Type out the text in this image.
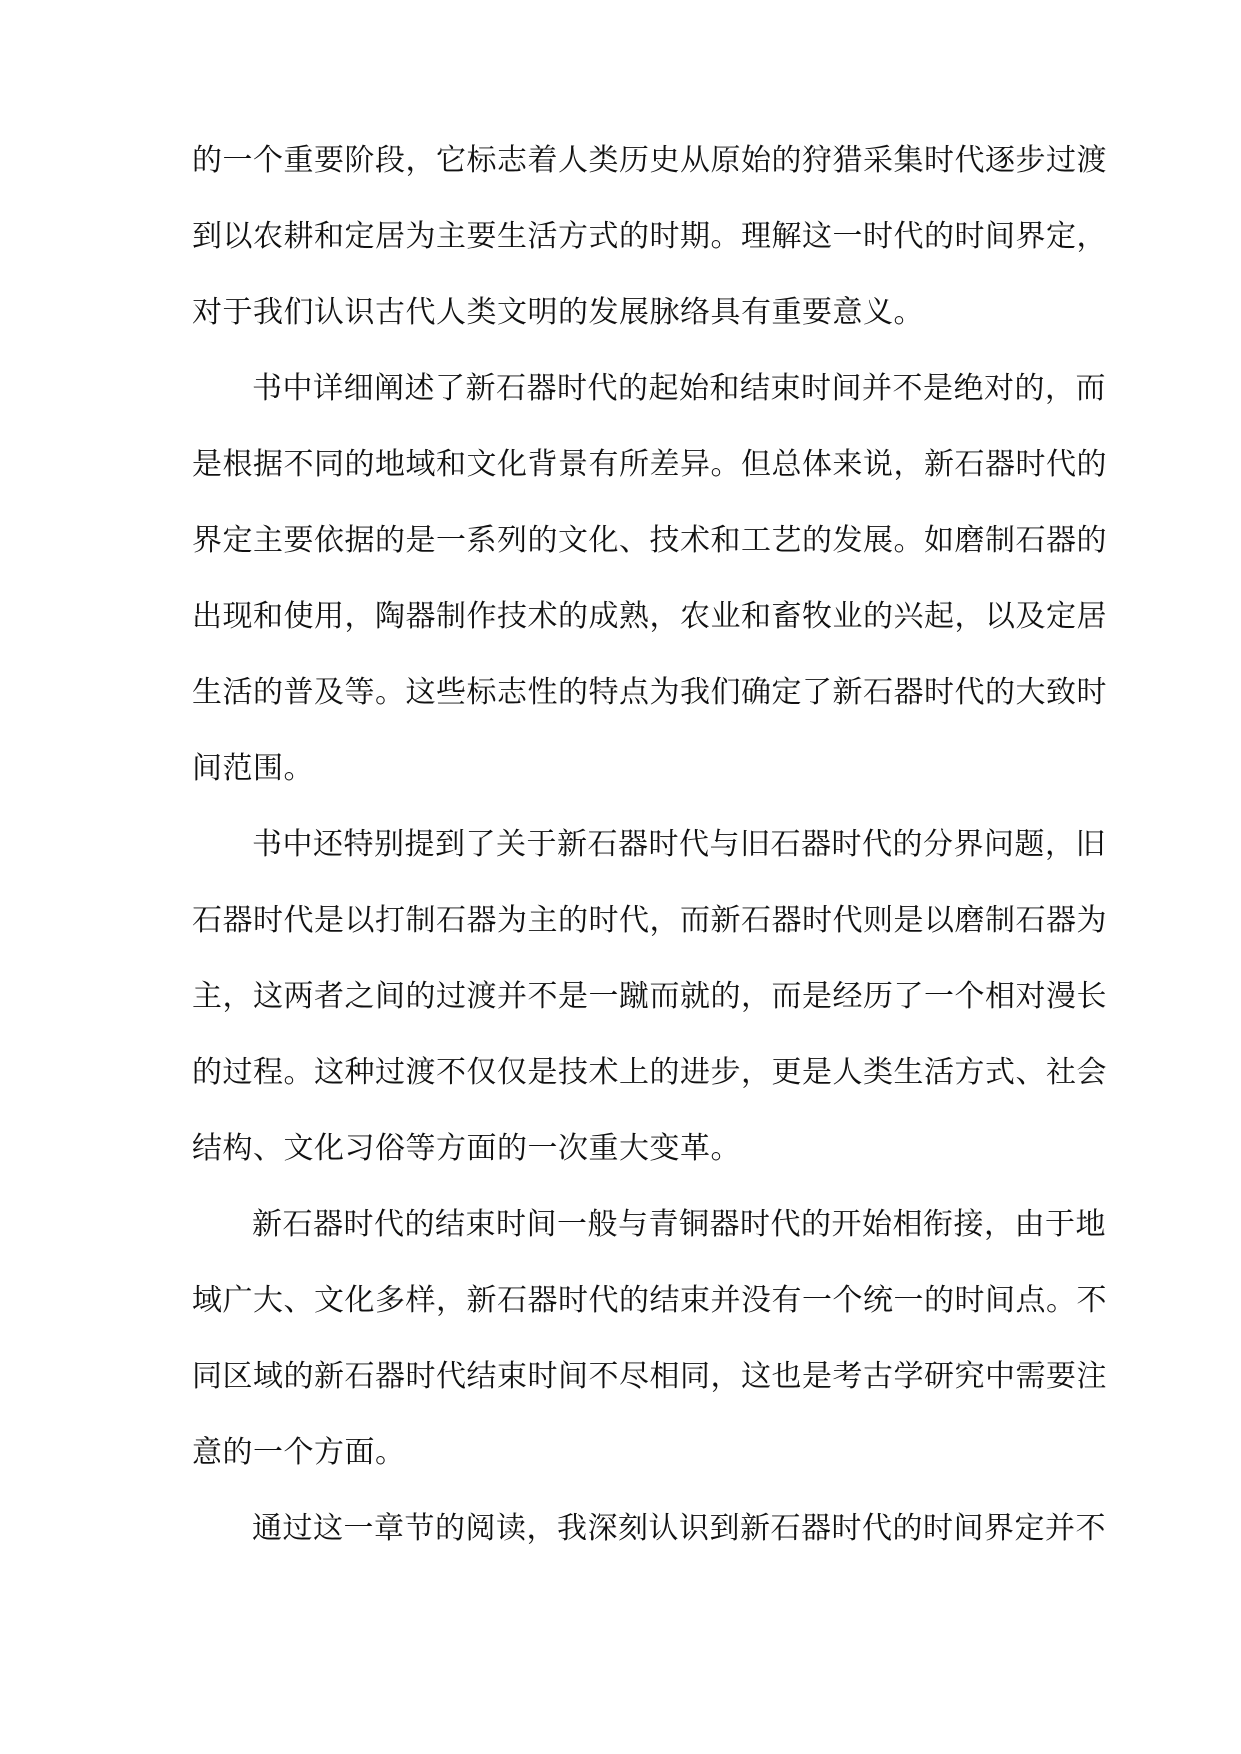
的一个重要阶段，它标志着人类历史从原始的狩猎采集时代逐步过渡
到以农耕和定居为主要生活方式的时期。理解这一时代的时间界定，
对于我们认识古代人类文明的发展脉络具有重要意义。
书中详细阐述了新石器时代的起始和结束时间并不是绝对的，而
是根据不同的地域和文化背景有所差异。但总体来说，新石器时代的
界定主要依据的是一系列的文化、技术和工艺的发展。如磨制石器的
出现和使用，陶器制作技术的成熟，农业和畜牧业的兴起，以及定居
生活的普及等。这些标志性的特点为我们确定了新石器时代的大致时
间范围。
书中还特别提到了关于新石器时代与旧石器时代的分界问题，旧
石器时代是以打制石器为主的时代，而新石器时代则是以磨制石器为
主，这两者之间的过渡并不是一蹴而就的，而是经历了一个相对漫长
的过程。这种过渡不仅仅是技术上的进步，更是人类生活方式、社会
结构、文化习俗等方面的一次重大变革。
新石器时代的结束时间一般与青铜器时代的开始相衔接，由于地
域广大、文化多样，新石器时代的结束并没有一个统一的时间点。不
同区域的新石器时代结束时间不尽相同，这也是考古学研究中需要注
意的一个方面。
通过这一章节的阅读，我深刻认识到新石器时代的时间界定并不
